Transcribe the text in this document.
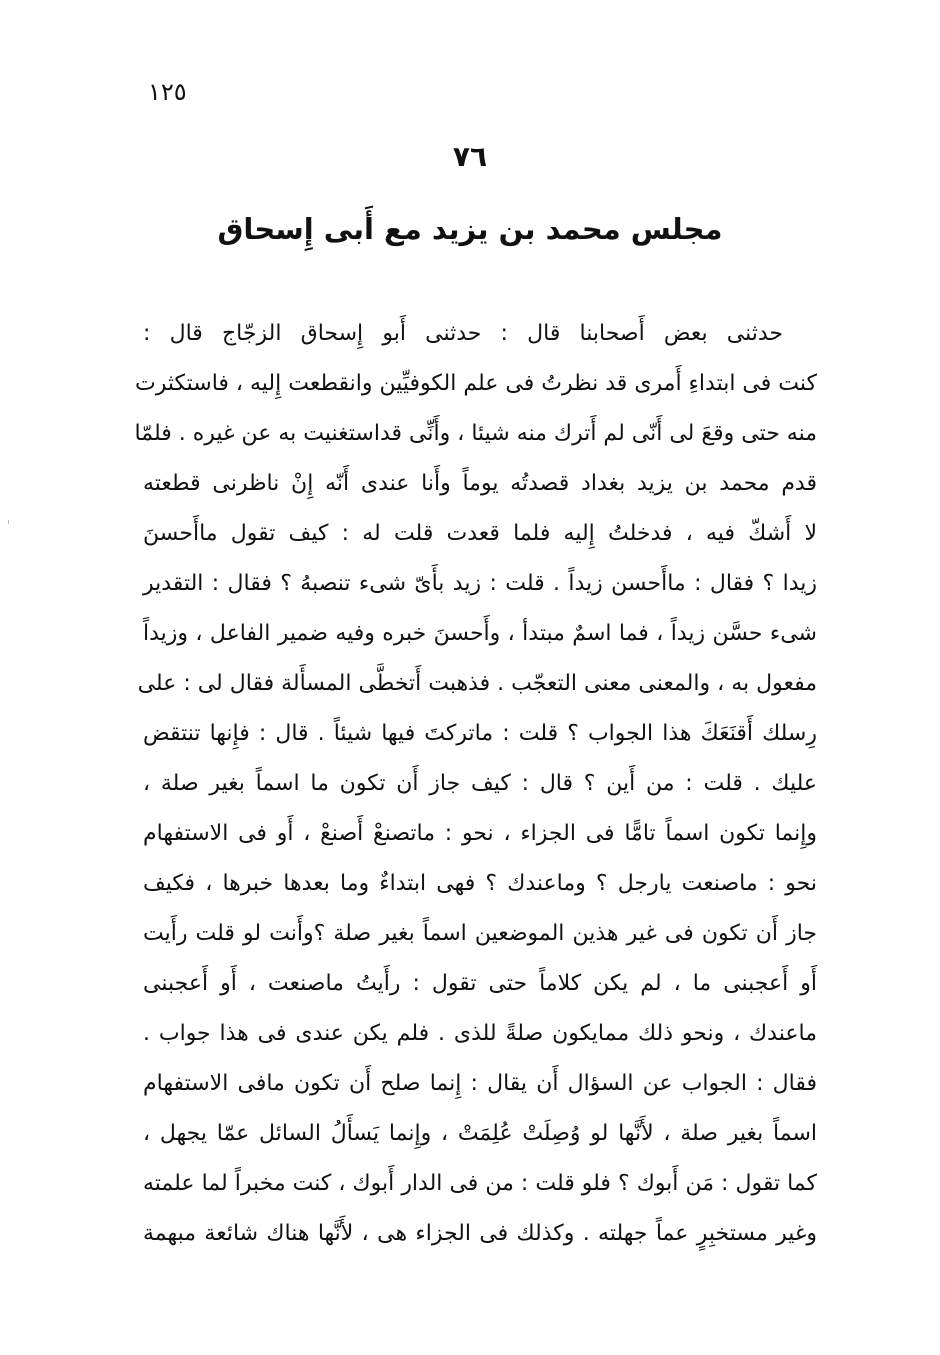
١٢٥
٧٦
مجلس محمد بن يزيد مع أَبى إِسحاق
حدثنى بعض أَصحابنا قال : حدثنى أَبو إِسحاق الزجّاج قال :
كنت فى ابتداءِ أَمرى قد نظرتُ فى علم الكوفيِّين وانقطعت إِليه ، فاستكثرت
منه حتى وقعَ لى أَنّى لم أَترك منه شيئا ، وأَنِّى قداستغنيت به عن غيره . فلمّا
قدم محمد بن يزيد بغداد قصدتُه يوماً وأَنا عندى أَنّه إِنْ ناظرنى قطعته
لا أَشكّ فيه ، فدخلتُ إِليه فلما قعدت قلت له : كيف تقول ماأَحسنَ
زيدا ؟ فقال : ماأَحسن زيداً . قلت : زيد بأَىّ شىء تنصبهُ ؟ فقال : التقدير
شىء حسَّن زيداً ، فما اسمٌ مبتدأ ، وأَحسنَ خبره وفيه ضمير الفاعل ، وزيداً
مفعول به ، والمعنى معنى التعجّب . فذهبت أَتخطَّى المسأَلة فقال لى : على
رِسلك أَقنَعَكَ هذا الجواب ؟ قلت : ماتركتَ فيها شيئاً . قال : فإِنها تنتقض
عليك . قلت : من أَين ؟ قال : كيف جاز أَن تكون ما اسماً بغير صلة ،
وإِنما تكون اسماً تامًّا فى الجزاء ، نحو : ماتصنعْ أَصنعْ ، أَو فى الاستفهام
نحو : ماصنعت يارجل ؟ وماعندك ؟ فهى ابتداءٌ وما بعدها خبرها ، فكيف
جاز أَن تكون فى غير هذين الموضعين اسماً بغير صلة ؟وأَنت لو قلت رأَيت
أَو أَعجبنى ما ، لم يكن كلاماً حتى تقول : رأَيتُ ماصنعت ، أَو أَعجبنى
ماعندك ، ونحو ذلك ممايكون صلةً للذى . فلم يكن عندى فى هذا جواب .
فقال : الجواب عن السؤال أَن يقال : إِنما صلح أَن تكون مافى الاستفهام
اسماً بغير صلة ، لأَنَّها لو وُصِلَتْ عُلِمَتْ ، وإِنما يَسأَلُ السائل عمّا يجهل ،
كما تقول : مَن أَبوك ؟ فلو قلت : من فى الدار أَبوك ، كنت مخبراً لما علمته
وغير مستخبِرٍ عماً جهلته . وكذلك فى الجزاء هى ، لأَنَّها هناك شائعة مبهمة
